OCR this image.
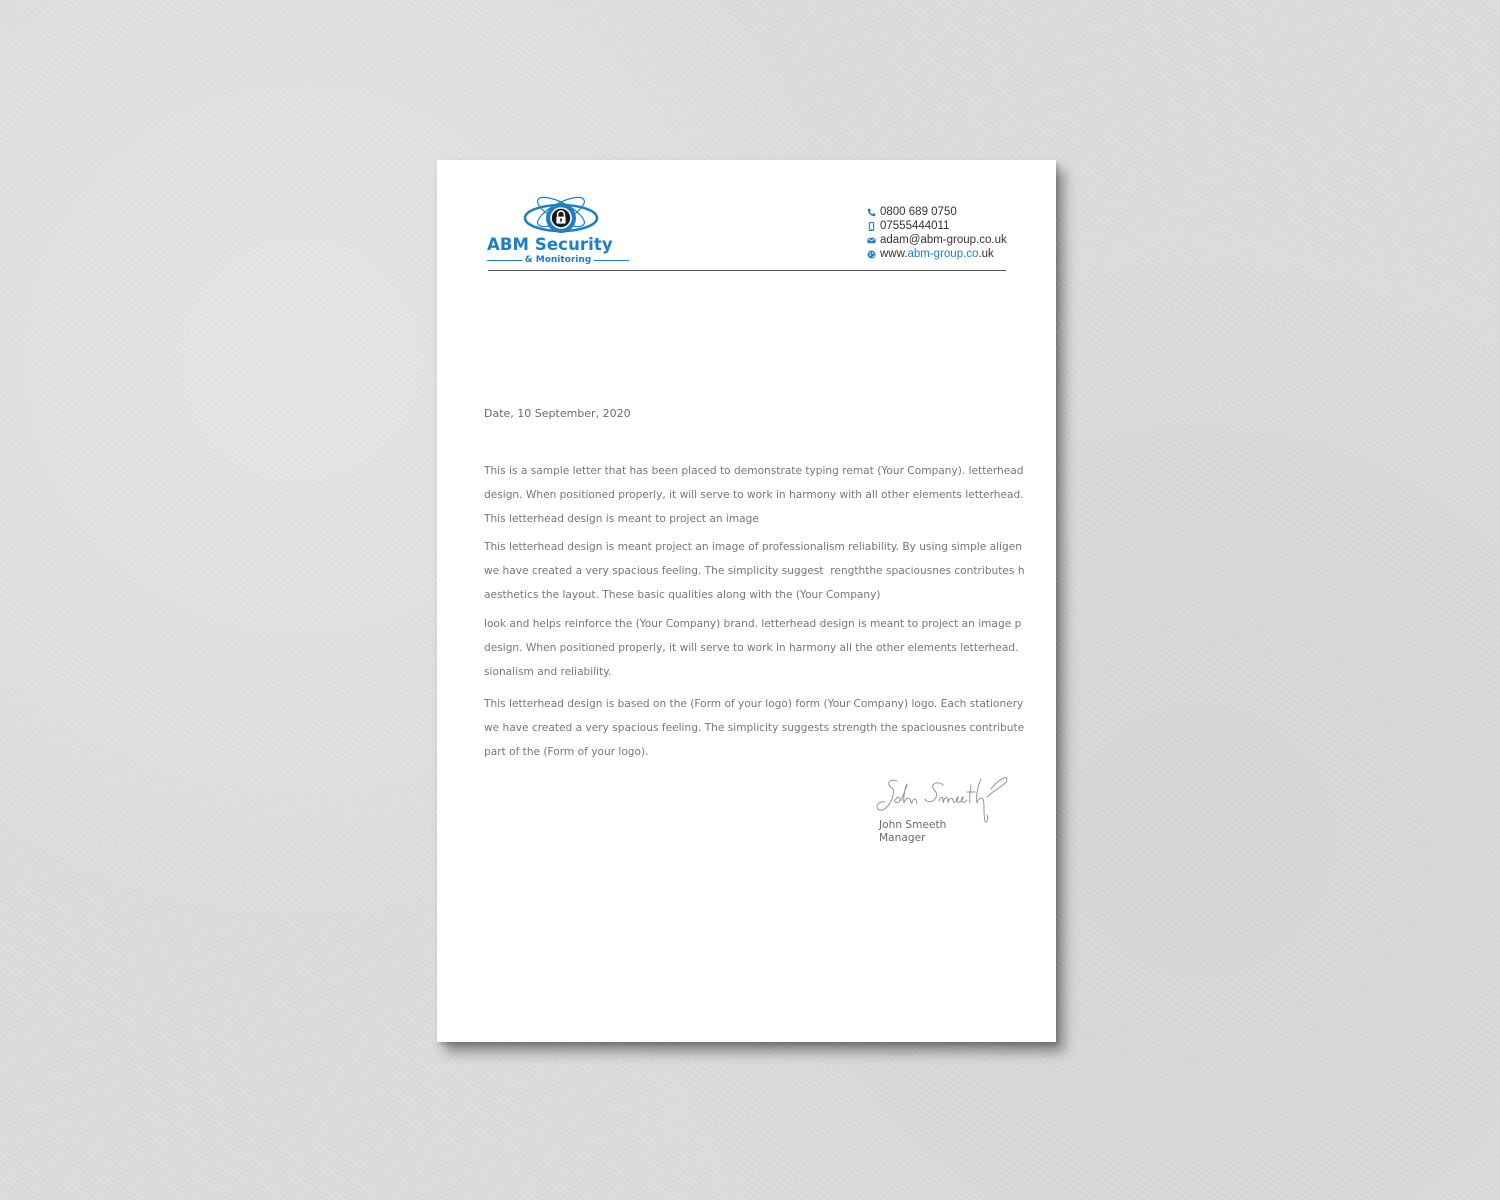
ABM Security
& Monitoring
0800 689 0750
07555444011
adam@abm-group.co.uk
www.abm-group.co.uk
Date, 10 September, 2020
This is a sample letter that has been placed to demonstrate typing remat (Your Company). letterhead
design. When positioned properly, it will serve to work in harmony with all other elements letterhead.
This letterhead design is meant to project an image
This letterhead design is meant project an image of professionalism reliability. By using simple aligen
we have created a very spacious feeling. The simplicity suggest  rengththe spaciousnes contributes h
aesthetics the layout. These basic qualities along with the (Your Company)
look and helps reinforce the (Your Company) brand. letterhead design is meant to project an image p
design. When positioned properly, it will serve to work in harmony all the other elements letterhead.
sionalism and reliability.
This letterhead design is based on the (Form of your logo) form (Your Company) logo. Each stationery
we have created a very spacious feeling. The simplicity suggests strength the spaciousnes contribute
part of the (Form of your logo).
John Smeeth
Manager
